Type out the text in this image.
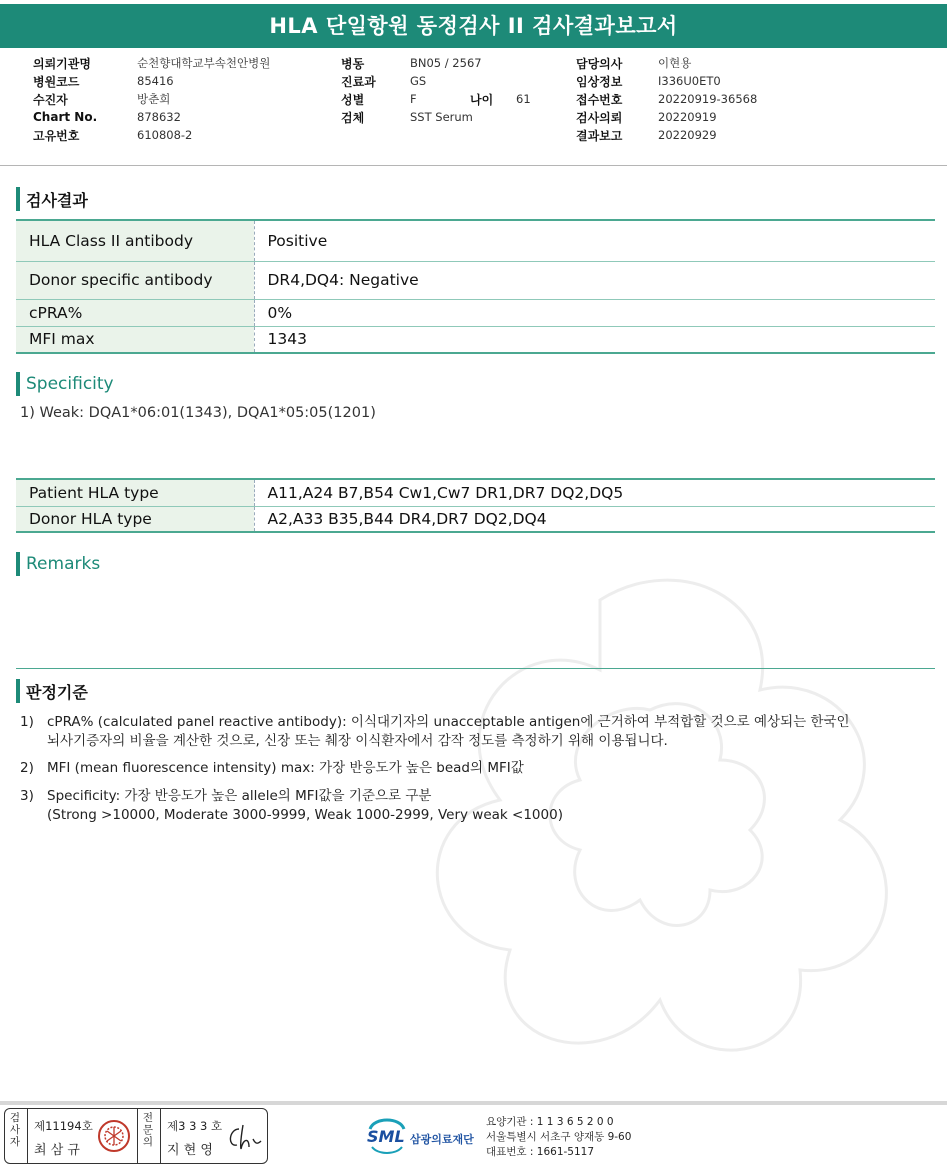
HLA 단일항원 동정검사 II 검사결과보고서
의뢰기관명	순천향대학교부속천안병원
병원코드	85416
수진자	방춘희
Chart No.	878632
고유번호	610808-2
병동	BN05 / 2567
진료과	GS
성별	F	나이	61
검체	SST Serum
담당의사	이현용
임상정보	I336U0ET0
접수번호	20220919-36568
검사의뢰	20220919
결과보고	20220929
검사결과
HLA Class II antibody	Positive
Donor specific antibody	DR4,DQ4: Negative
cPRA%	0%
MFI max	1343
Specificity
1) Weak: DQA1*06:01(1343), DQA1*05:05(1201)
Patient HLA type	A11,A24 B7,B54 Cw1,Cw7 DR1,DR7 DQ2,DQ5
Donor HLA type	A2,A33 B35,B44 DR4,DR7 DQ2,DQ4
Remarks
판정기준
1) cPRA% (calculated panel reactive antibody): 이식대기자의 unacceptable antigen에 근거하여 부적합할 것으로 예상되는 한국인
뇌사기증자의 비율을 계산한 것으로, 신장 또는 췌장 이식환자에서 감작 정도를 측정하기 위해 이용됩니다.
2) MFI (mean fluorescence intensity) max: 가장 반응도가 높은 bead의 MFI값
3) Specificity: 가장 반응도가 높은 allele의 MFI값을 기준으로 구분
(Strong >10000, Moderate 3000-9999, Weak 1000-2999, Very weak <1000)
검
사
자
제11194호
최 삼 규
전
문
의
제3 3 3 호
지 현 영
SML 삼광의료재단
요양기관 : 1 1 3 6 5 2 0 0
서울특별시 서초구 양재동 9-60
대표번호 : 1661-5117
